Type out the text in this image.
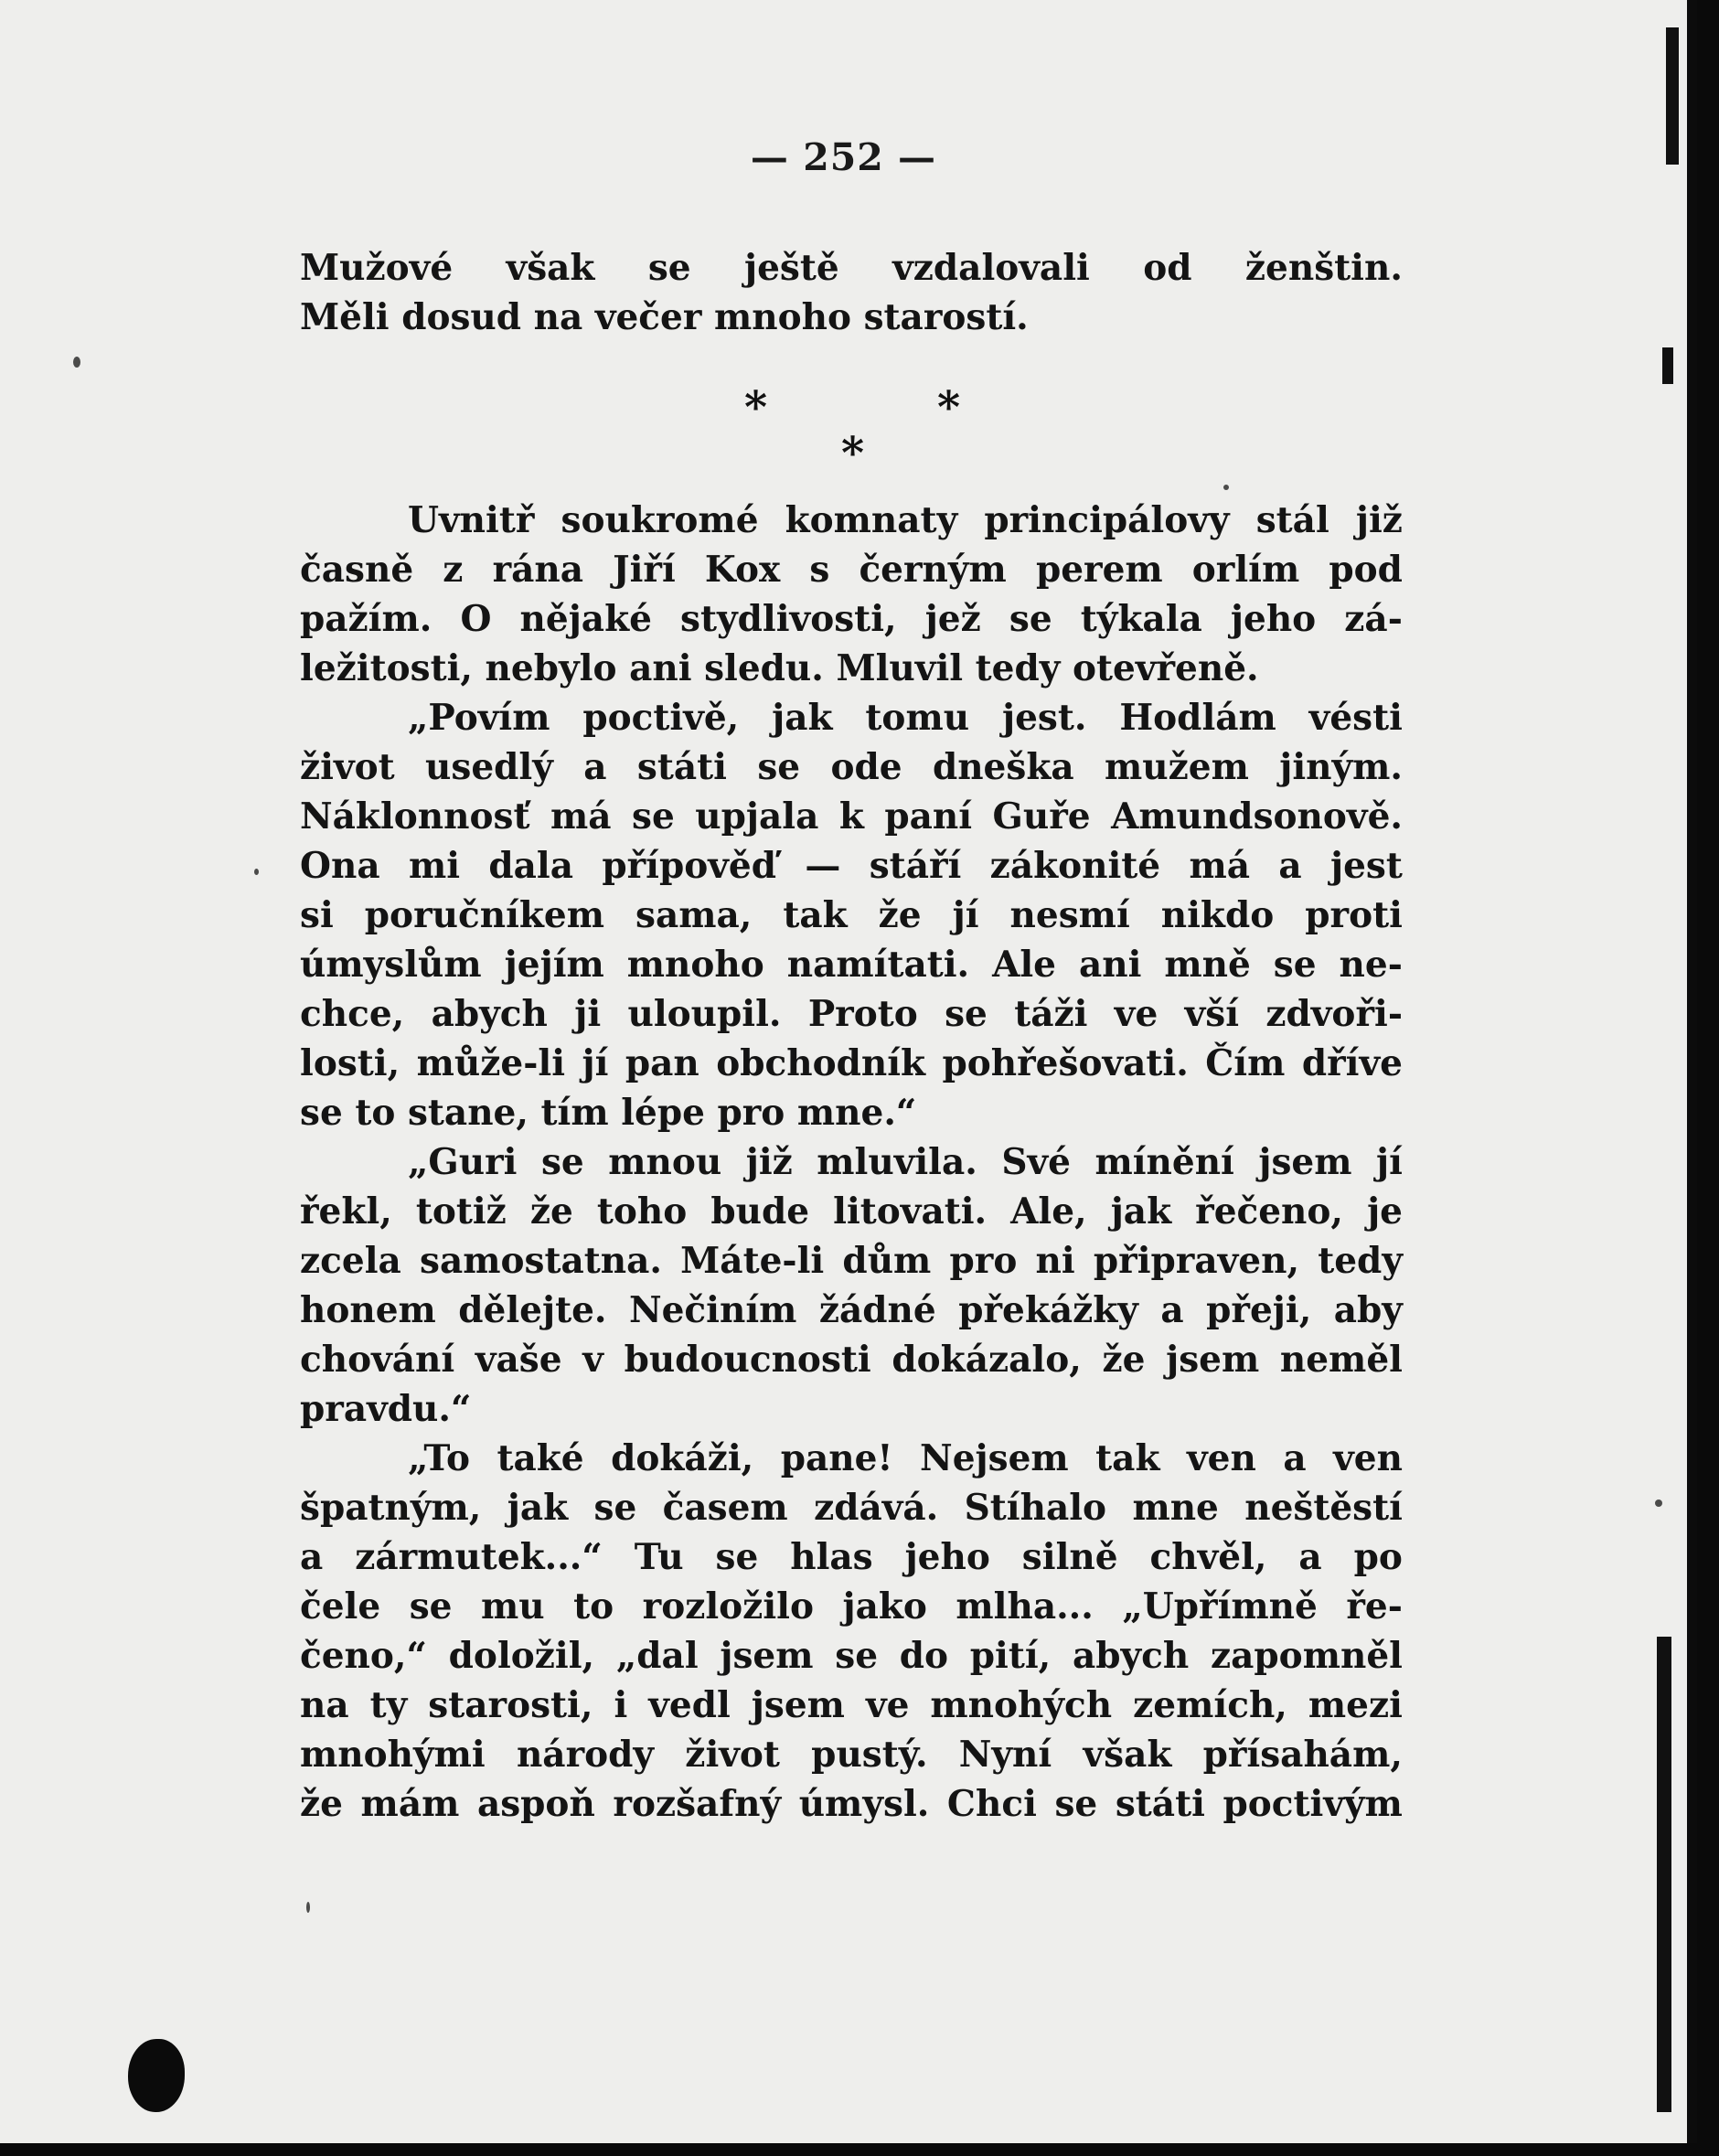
— 252 —
Mužové však se ještě vzdalovali od ženštin.
Měli dosud na večer mnoho starostí.
*	*
*
Uvnitř soukromé komnaty principálovy stál již
časně z rána Jiří Kox s černým perem orlím pod
pažím. O nějaké stydlivosti, jež se týkala jeho zá-
ležitosti, nebylo ani sledu. Mluvil tedy otevřeně.
„Povím poctivě, jak tomu jest. Hodlám vésti
život usedlý a státi se ode dneška mužem jiným.
Náklonnosť má se upjala k paní Guře Amundsonově.
Ona mi dala přípověď — stáří zákonité má a jest
si poručníkem sama, tak že jí nesmí nikdo proti
úmyslům jejím mnoho namítati. Ale ani mně se ne-
chce, abych ji uloupil. Proto se táži ve vší zdvoři-
losti, může-li jí pan obchodník pohřešovati. Čím dříve
se to stane, tím lépe pro mne.“
„Guri se mnou již mluvila. Své mínění jsem jí
řekl, totiž že toho bude litovati. Ale, jak řečeno, je
zcela samostatna. Máte-li dům pro ni připraven, tedy
honem dělejte. Nečiním žádné překážky a přeji, aby
chování vaše v budoucnosti dokázalo, že jsem neměl
pravdu.“
„To také dokáži, pane! Nejsem tak ven a ven
špatným, jak se časem zdává. Stíhalo mne neštěstí
a zármutek...“ Tu se hlas jeho silně chvěl, a po
čele se mu to rozložilo jako mlha... „Upřímně ře-
čeno,“ doložil, „dal jsem se do pití, abych zapomněl
na ty starosti, i vedl jsem ve mnohých zemích, mezi
mnohými národy život pustý. Nyní však přísahám,
že mám aspoň rozšafný úmysl. Chci se státi poctivým
